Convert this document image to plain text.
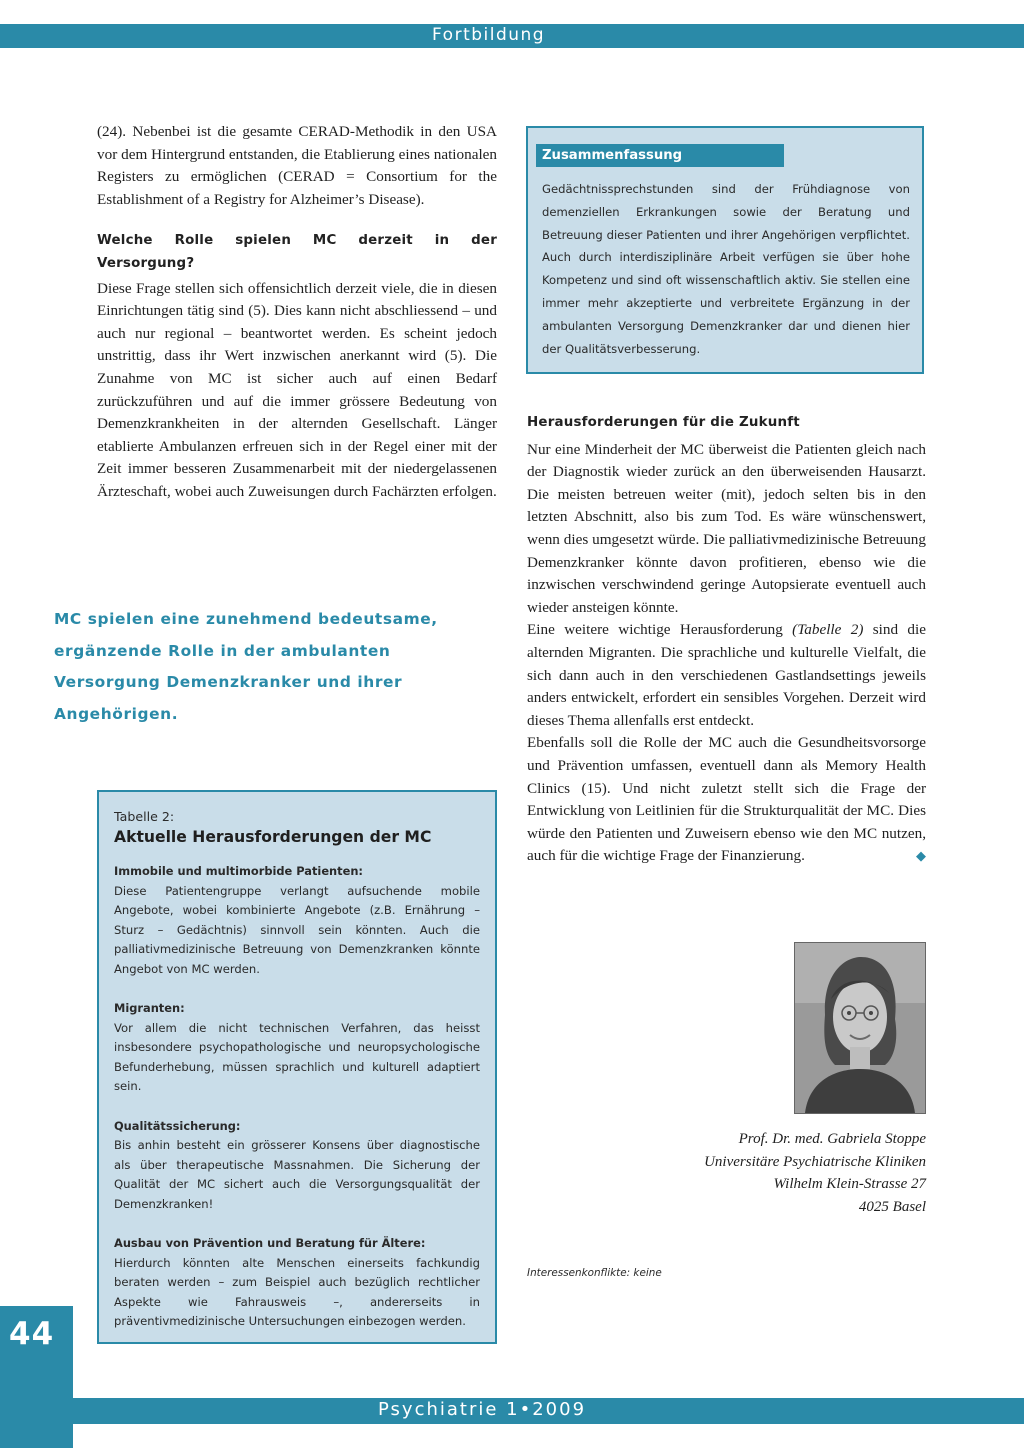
Fortbildung

(24). Nebenbei ist die gesamte CERAD-Methodik in den USA vor dem Hintergrund entstanden, die Etablierung eines nationalen Registers zu ermöglichen (CERAD = Consortium for the Establishment of a Registry for Alzheimer’s Disease).

Welche Rolle spielen MC derzeit in der Versorgung?

Diese Frage stellen sich offensichtlich derzeit viele, die in diesen Einrichtungen tätig sind (5). Dies kann nicht abschliessend – und auch nur regional – beantwortet werden. Es scheint jedoch unstrittig, dass ihr Wert inzwischen anerkannt wird (5). Die Zunahme von MC ist sicher auch auf einen Bedarf zurückzuführen und auf die immer grössere Bedeutung von Demenzkrankheiten in der alternden Gesellschaft. Länger etablierte Ambulanzen erfreuen sich in der Regel einer mit der Zeit immer besseren Zusammenarbeit mit der niedergelassenen Ärzteschaft, wobei auch Zuweisungen durch Fachärzten erfolgen.

MC spielen eine zunehmend bedeutsame, ergänzende Rolle in der ambulanten Versorgung Demenzkranker und ihrer Angehörigen.
Zusammenfassung
Gedächtnissprechstunden sind der Frühdiagnose von demenziellen Erkrankungen sowie der Beratung und Betreuung dieser Patienten und ihrer Angehörigen verpflichtet. Auch durch interdisziplinäre Arbeit verfügen sie über hohe Kompetenz und sind oft wissenschaftlich aktiv. Sie stellen eine immer mehr akzeptierte und verbreitete Ergänzung in der ambulanten Versorgung Demenzkranker dar und dienen hier der Qualitätsverbesserung.
Herausforderungen für die Zukunft

Nur eine Minderheit der MC überweist die Patienten gleich nach der Diagnostik wieder zurück an den überweisenden Hausarzt. Die meisten betreuen weiter (mit), jedoch selten bis in den letzten Abschnitt, also bis zum Tod. Es wäre wünschenswert, wenn dies umgesetzt würde. Die palliativmedizinische Betreuung Demenzkranker könnte davon profitieren, ebenso wie die inzwischen verschwindend geringe Autopsierate eventuell auch wieder ansteigen könnte.

Eine weitere wichtige Herausforderung (Tabelle 2) sind die alternden Migranten. Die sprachliche und kulturelle Vielfalt, die sich dann auch in den verschiedenen Gastlandsettings jeweils anders entwickelt, erfordert ein sensibles Vorgehen. Derzeit wird dieses Thema allenfalls erst entdeckt.

Ebenfalls soll die Rolle der MC auch die Gesundheitsvorsorge und Prävention umfassen, eventuell dann als Memory Health Clinics (15). Und nicht zuletzt stellt sich die Frage der Entwicklung von Leitlinien für die Strukturqualität der MC. Dies würde den Patienten und Zuweisern ebenso wie den MC nutzen, auch für die wichtige Frage der Finanzierung.	◆

Tabelle 2:
Aktuelle Herausforderungen der MC
Immobile und multimorbide Patienten:
Diese Patientengruppe verlangt aufsuchende mobile Angebote, wobei kombinierte Angebote (z.B. Ernährung – Sturz – Gedächtnis) sinnvoll sein könnten. Auch die palliativmedizinische Betreuung von Demenzkranken könnte Angebot von MC werden.
Migranten:
Vor allem die nicht technischen Verfahren, das heisst insbesondere psychopathologische und neuropsychologische Befunderhebung, müssen sprachlich und kulturell adaptiert sein.
Qualitätssicherung:
Bis anhin besteht ein grösserer Konsens über diagnostische als über therapeutische Massnahmen. Die Sicherung der Qualität der MC sichert auch die Versorgungsqualität der Demenzkranken!
Ausbau von Prävention und Beratung für Ältere:
Hierdurch könnten alte Menschen einerseits fachkundig beraten werden – zum Beispiel auch bezüglich rechtlicher Aspekte wie Fahrausweis –, andererseits in präventivmedizinische Untersuchungen einbezogen werden.
Prof. Dr. med. Gabriela Stoppe
Universitäre Psychiatrische Kliniken
Wilhelm Klein-Strasse 27
4025 Basel
Interessenkonflikte: keine
44
Psychiatrie 1•2009
